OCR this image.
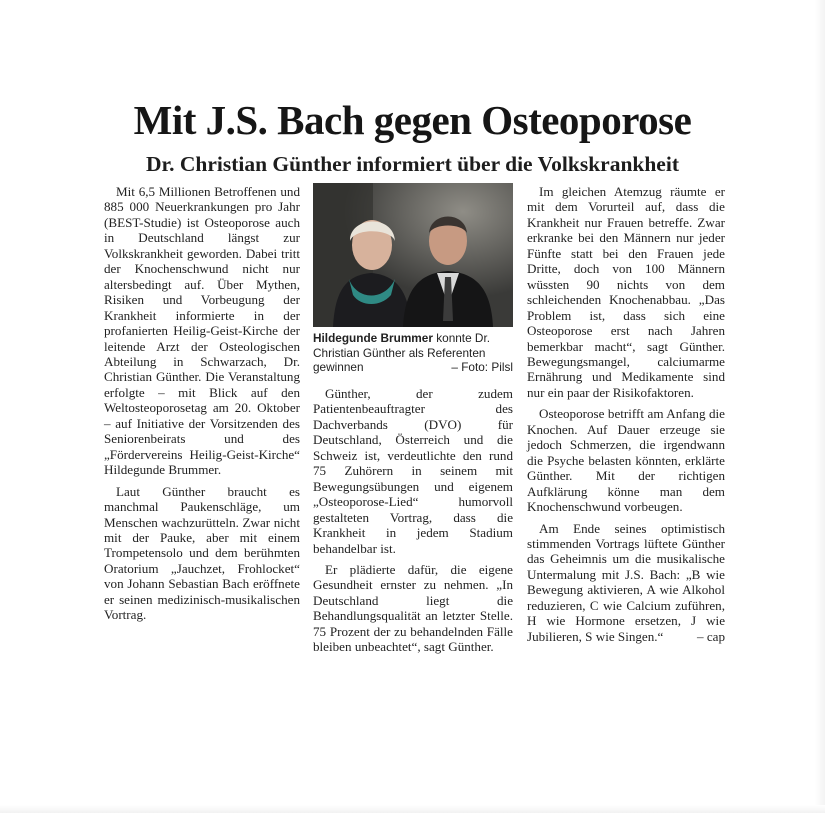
Mit J.S. Bach gegen Osteoporose
Dr. Christian Günther informiert über die Volkskrankheit

Mit 6,5 Millionen Betroffenen und 885 000 Neuerkrankungen pro Jahr (BEST-Studie) ist Osteoporose auch in Deutschland längst zur Volkskrankheit geworden. Dabei tritt der Knochenschwund nicht nur altersbedingt auf. Über Mythen, Risiken und Vorbeugung der Krankheit informierte in der profanierten Heilig-Geist-Kirche der leitende Arzt der Osteologischen Abteilung in Schwarzach, Dr. Christian Günther. Die Veranstaltung erfolgte – mit Blick auf den Weltosteoporosetag am 20. Oktober – auf Initiative der Vorsitzenden des Seniorenbeirats und des „Fördervereins Heilig-Geist-Kirche“ Hildegunde Brummer.

Laut Günther braucht es manchmal Paukenschläge, um Menschen wachzurütteln. Zwar nicht mit der Pauke, aber mit einem Trompetensolo und dem berühmten Oratorium „Jauchzet, Frohlocket“ von Johann Sebastian Bach eröffnete er seinen medizinisch-musikalischen Vortrag.

Hildegunde Brummer konnte Dr. Christian Günther als Referenten gewinnen	– Foto: Pilsl

Günther, der zudem Patientenbeauftragter des Dachverbands (DVO) für Deutschland, Österreich und die Schweiz ist, verdeutlichte den rund 75 Zuhörern in seinem mit Bewegungsübungen und eigenem „Osteoporose-Lied“ humorvoll gestalteten Vortrag, dass die Krankheit in jedem Stadium behandelbar ist.

Er plädierte dafür, die eigene Gesundheit ernster zu nehmen. „In Deutschland liegt die Behandlungsqualität an letzter Stelle. 75 Prozent der zu behandelnden Fälle bleiben unbeachtet“, sagt Günther.

Im gleichen Atemzug räumte er mit dem Vorurteil auf, dass die Krankheit nur Frauen betreffe. Zwar erkranke bei den Männern nur jeder Fünfte statt bei den Frauen jede Dritte, doch von 100 Männern wüssten 90 nichts von dem schleichenden Knochenabbau. „Das Problem ist, dass sich eine Osteoporose erst nach Jahren bemerkbar macht“, sagt Günther. Bewegungsmangel, calciumarme Ernährung und Medikamente sind nur ein paar der Risikofaktoren.

Osteoporose betrifft am Anfang die Knochen. Auf Dauer erzeuge sie jedoch Schmerzen, die irgendwann die Psyche belasten könnten, erklärte Günther. Mit der richtigen Aufklärung könne man dem Knochenschwund vorbeugen.

Am Ende seines optimistisch stimmenden Vortrags lüftete Günther das Geheimnis um die musikalische Untermalung mit J.S. Bach: „B wie Bewegung aktivieren, A wie Alkohol reduzieren, C wie Calcium zuführen, H wie Hormone ersetzen, J wie Jubilieren, S wie Singen.“	– cap
